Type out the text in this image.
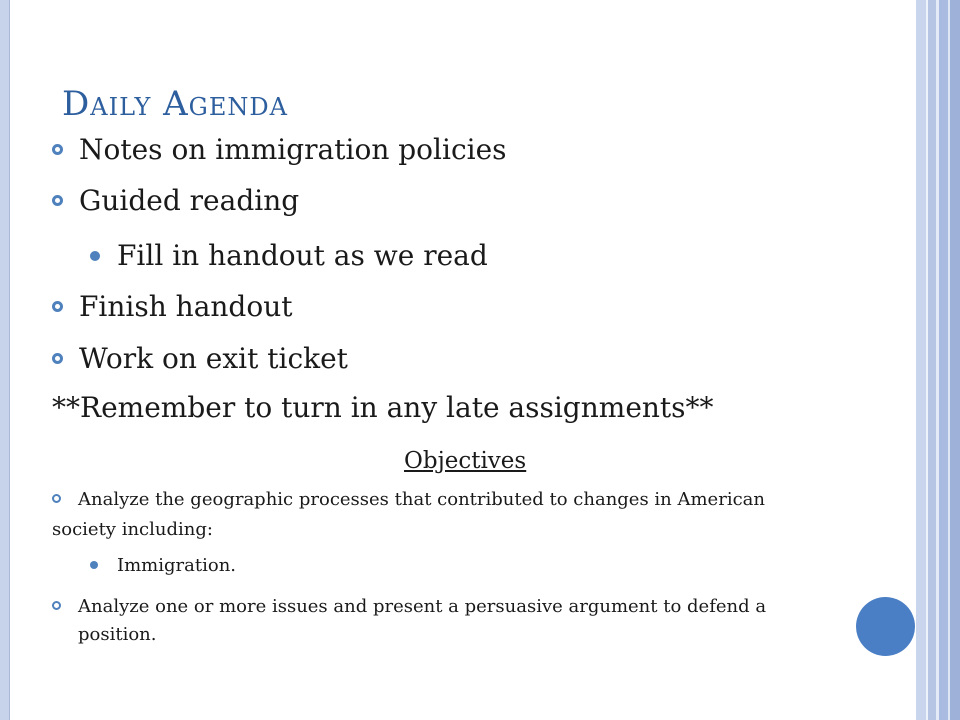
Daily Agenda
Notes on immigration policies
Guided reading
Fill in handout as we read
Finish handout
Work on exit ticket
**Remember to turn in any late assignments**
Objectives
Analyze the geographic processes that contributed to changes in American
society including:
Immigration.
Analyze one or more issues and present a persuasive argument to defend a
position.
